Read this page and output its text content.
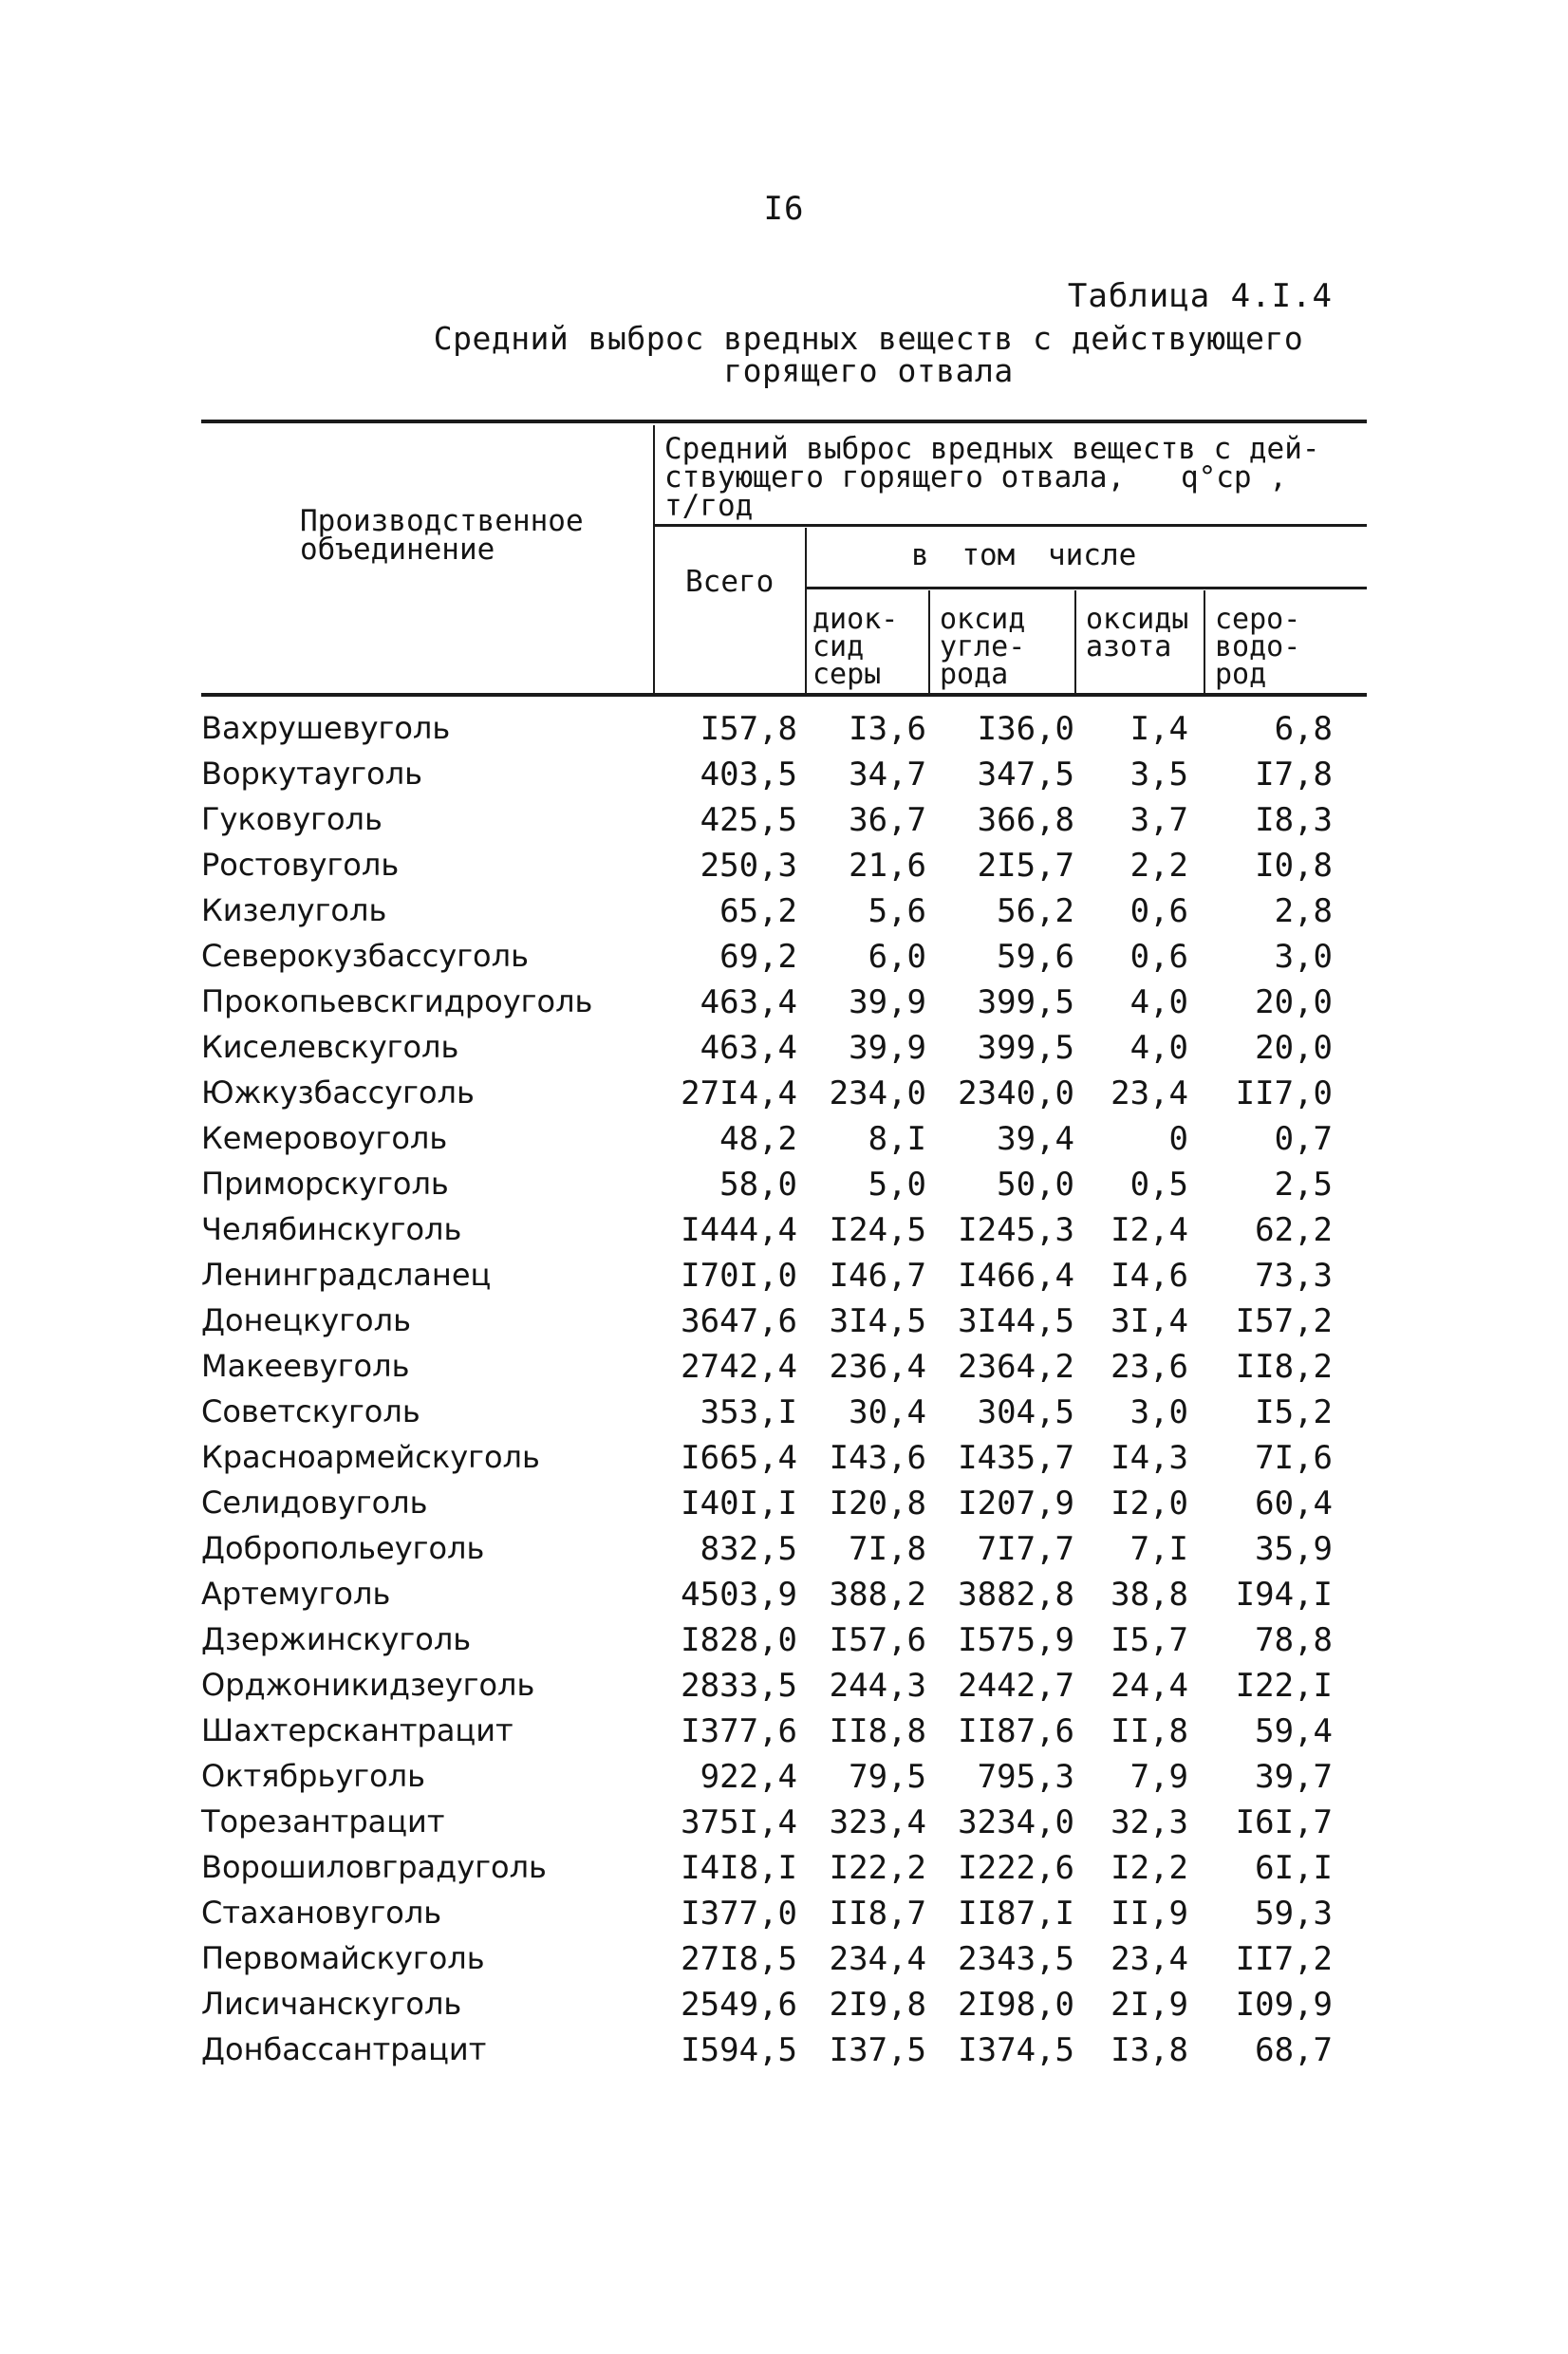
I6
Таблица 4.I.4
Средний выброс вредных веществ с действующего
горящего отвала
Производственное
объединение
Средний выброс вредных веществ с дей-
ствующего горящего отвала, q°cp ,
т/год
Всего
в том числе
диок-
сид
серы
оксид
угле-
рода
оксиды
азота
серо-
водо-
род
Вахрушевуголь	I57,8 I3,6 I36,0 I,4	6,8
Воркутауголь	403,5 34,7 347,5 3,5 I7,8
Гуковуголь	425,5 36,7 366,8 3,7 I8,3
Ростовуголь	250,3 21,6 2I5,7 2,2 I0,8
Кизелуголь	65,2 5,6 56,2 0,6	2,8
Северокузбассуголь	69,2 6,0 59,6 0,6	3,0
Прокопьевскгидроуголь	463,4 39,9 399,5 4,0 20,0
Киселевскуголь	463,4 39,9 399,5 4,0 20,0
Южкузбассуголь	27I4,4 234,0 2340,0 23,4 II7,0
Кемеровоуголь	48,2 8,I 39,4	0	0,7
Приморскуголь	58,0 5,0 50,0 0,5	2,5
Челябинскуголь	I444,4 I24,5 I245,3 I2,4 62,2
Ленинградсланец	I70I,0 I46,7 I466,4 I4,6 73,3
Донецкуголь	3647,6 3I4,5 3I44,5 3I,4 I57,2
Макеевуголь	2742,4 236,4 2364,2 23,6 II8,2
Советскуголь	353,I 30,4 304,5 3,0 I5,2
Красноармейскуголь	I665,4 I43,6 I435,7 I4,3 7I,6
Селидовуголь	I40I,I I20,8 I207,9 I2,0 60,4
Добропольеуголь	832,5 7I,8 7I7,7 7,I 35,9
Артемуголь	4503,9 388,2 3882,8 38,8 I94,I
Дзержинскуголь	I828,0 I57,6 I575,9 I5,7 78,8
Орджоникидзеуголь	2833,5 244,3 2442,7 24,4 I22,I
Шахтерскантрацит	I377,6 II8,8 II87,6 II,8 59,4
Октябрьуголь	922,4 79,5 795,3 7,9 39,7
Торезантрацит	375I,4 323,4 3234,0 32,3 I6I,7
Ворошиловградуголь	I4I8,I I22,2 I222,6 I2,2 6I,I
Стахановуголь	I377,0 II8,7 II87,I II,9 59,3
Первомайскуголь	27I8,5 234,4 2343,5 23,4 II7,2
Лисичанскуголь	2549,6 2I9,8 2I98,0 2I,9 I09,9
Донбассантрацит	I594,5 I37,5 I374,5 I3,8 68,7
